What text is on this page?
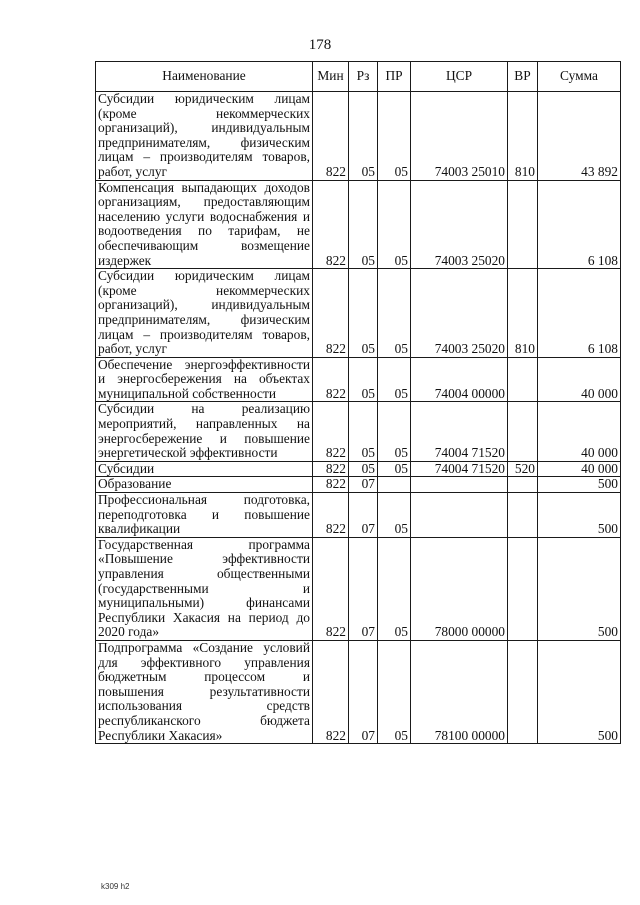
178
Наименование	Мин	Рз	ПР	ЦСР	ВР	Сумма
Субсидии юридическим лицам (кроме некоммерческих организаций), индивидуальным предпринимателям, физическим лицам – производителям товаров, работ, услуг	822	05	05	74003 25010	810	43 892
Компенсация выпадающих доходов организациям, предоставляющим населению услуги водоснабжения и водоотведения по тарифам, не обеспечивающим возмещение издержек	822	05	05	74003 25020		6 108
Субсидии юридическим лицам (кроме некоммерческих организаций), индивидуальным предпринимателям, физическим лицам – производителям товаров, работ, услуг	822	05	05	74003 25020	810	6 108
Обеспечение энергоэффективности и энергосбережения на объектах муниципальной собственности	822	05	05	74004 00000		40 000
Субсидии на реализацию мероприятий, направленных на энергосбережение и повышение энергетической эффективности	822	05	05	74004 71520		40 000
Субсидии	822	05	05	74004 71520	520	40 000
Образование	822	07				500
Профессиональная подготовка, переподготовка и повышение квалификации	822	07	05			500
Государственная программа «Повышение эффективности управления общественными (государственными и муниципальными) финансами Республики Хакасия на период до 2020 года»	822	07	05	78000 00000		500
Подпрограмма «Создание условий для эффективного управления бюджетным процессом и повышения результативности использования средств республиканского бюджета Республики Хакасия»	822	07	05	78100 00000		500
k309 h2
